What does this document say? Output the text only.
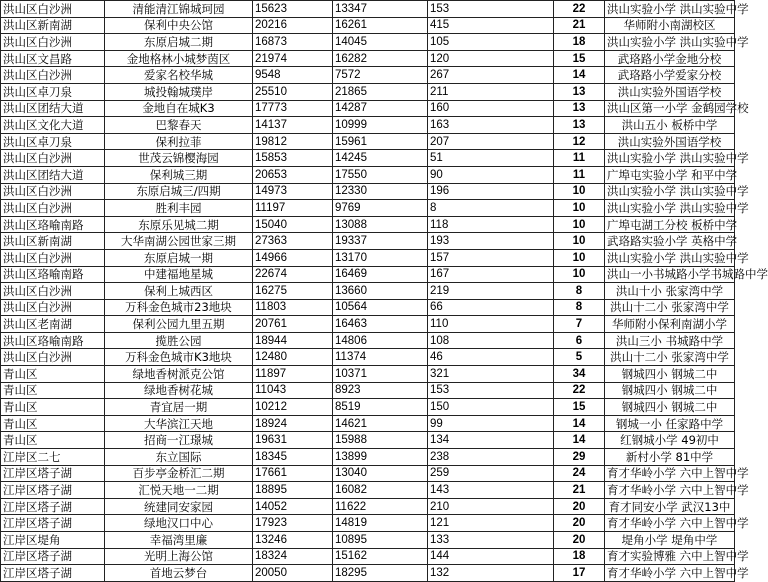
洪山区白沙洲	清能清江锦城珂园	15623	13347	153	22	洪山实验小学 洪山实验中学
洪山区新南湖	保利中央公馆	20216	16261	415	21	华师附小南湖校区
洪山区白沙洲	东原启城二期	16873	14045	105	18	洪山实验小学 洪山实验中学
洪山区文昌路	金地格林小城梦茵区	21974	16282	120	15	武珞路小学金地分校
洪山区白沙洲	爱家名校华城	9548	7572	267	14	武珞路小学爱家分校
洪山区卓刀泉	城投翰城璞岸	25510	21865	211	13	洪山实验外国语学校
洪山区团结大道	金地自在城K3	17773	14287	160	13	洪山区第一小学 金鹤园学校
洪山区文化大道	巴黎春天	14137	10999	163	13	洪山五小 板桥中学
洪山区卓刀泉	保利拉菲	19812	15961	207	12	洪山实验外国语学校
洪山区白沙洲	世茂云锦樱海园	15853	14245	51	11	洪山实验小学 洪山实验中学
洪山区团结大道	保利城三期	20653	17550	90	11	广埠屯实验小学 和平中学
洪山区白沙洲	东原启城三/四期	14973	12330	196	10	洪山实验小学 洪山实验中学
洪山区白沙洲	胜利丰园	11197	9769	8	10	洪山实验小学 洪山实验中学
洪山区珞喻南路	东原乐见城二期	15040	13088	118	10	广埠屯湖工分校 板桥中学
洪山区新南湖	大华南湖公园世家三期	27363	19337	193	10	武珞路实验小学 英格中学
洪山区白沙洲	东原启城一期	14966	13170	157	10	洪山实验小学 洪山实验中学
洪山区珞喻南路	中建福地星城	22674	16469	167	10	洪山一小书城路小学书城路中学
洪山区白沙洲	保利上城西区	16275	13660	219	8	洪山十小 张家湾中学
洪山区白沙洲	万科金色城市23地块	11803	10564	66	8	洪山十二小 张家湾中学
洪山区老南湖	保利公园九里五期	20761	16463	110	7	华师附小保利南湖小学
洪山区珞喻南路	揽胜公园	18944	14806	108	6	洪山三小 书城路中学
洪山区白沙洲	万科金色城市K3地块	12480	11374	46	5	洪山十二小 张家湾中学
青山区	绿地香树派克公馆	11897	10371	321	34	钢城四小 钢城二中
青山区	绿地香树花城	11043	8923	153	22	钢城四小 钢城二中
青山区	青宜居一期	10212	8519	150	15	钢城四小 钢城二中
青山区	大华滨江天地	18924	14621	99	14	钢城一小 任家路中学
青山区	招商一江璟城	19631	15988	134	14	红钢城小学 49初中
江岸区二七	东立国际	18345	13899	238	29	新村小学 81中学
江岸区塔子湖	百步亭金桥汇二期	17661	13040	259	24	育才华岭小学 六中上智中学
江岸区塔子湖	汇悦天地一二期	18895	16082	143	21	育才华岭小学 六中上智中学
江岸区塔子湖	统建同安家园	14052	11622	210	20	育才同安小学 武汉13中
江岸区塔子湖	绿地汉口中心	17923	14819	121	20	育才华岭小学 六中上智中学
江岸区堤角	幸福湾里廉	13246	10895	133	20	堤角小学 堤角中学
江岸区塔子湖	光明上海公馆	18324	15162	144	18	育才实验博雅 六中上智中学
江岸区塔子湖	首地云梦台	20050	18295	132	17	育才华岭小学 六中上智中学
